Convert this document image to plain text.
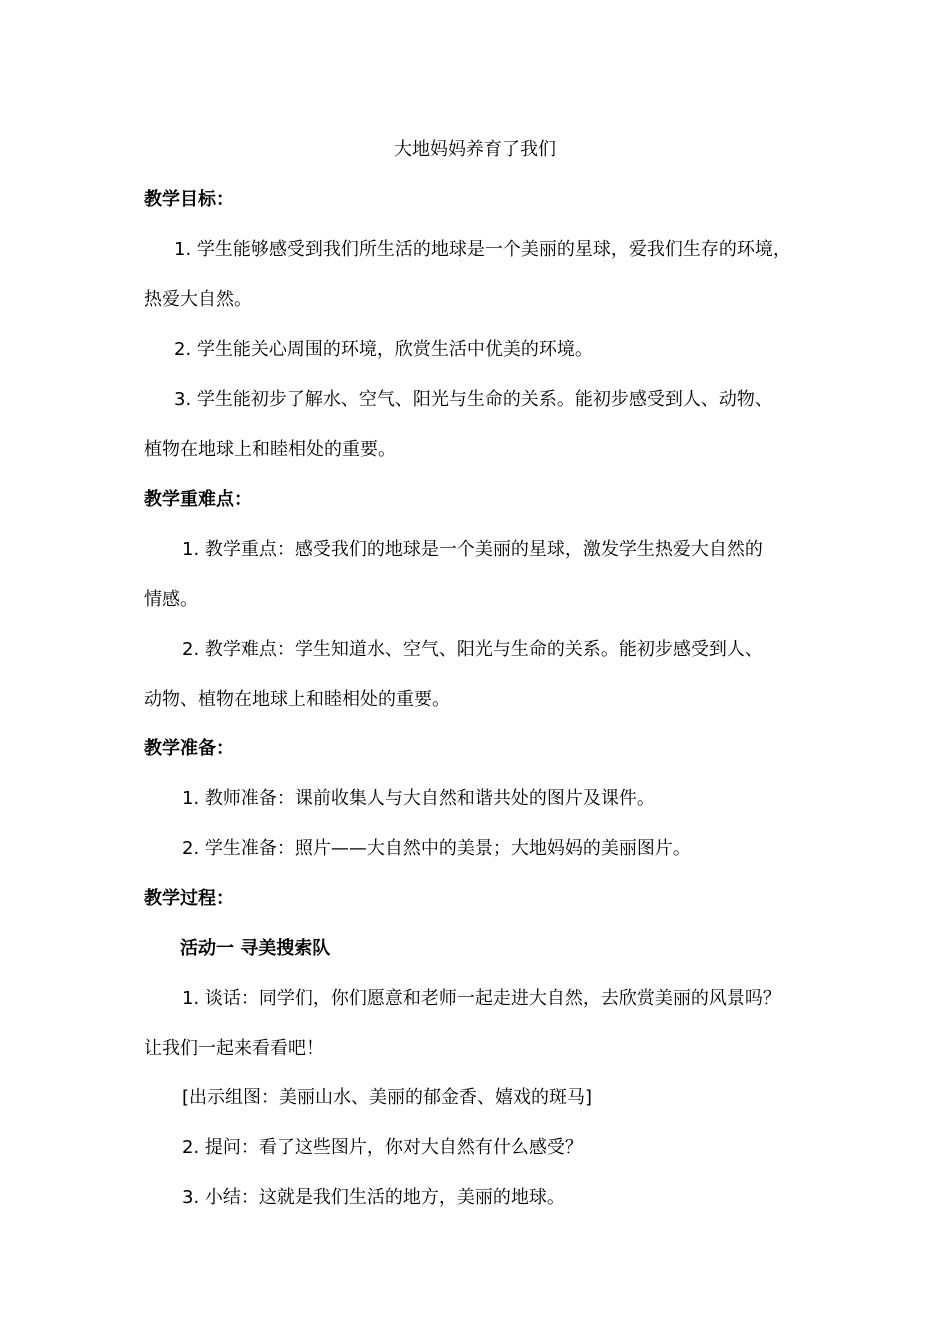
大地妈妈养育了我们
教学目标：
1. 学生能够感受到我们所生活的地球是一个美丽的星球，爱我们生存的环境，
热爱大自然。
2. 学生能关心周围的环境，欣赏生活中优美的环境。
3. 学生能初步了解水、空气、阳光与生命的关系。能初步感受到人、动物、
植物在地球上和睦相处的重要。
教学重难点：
1. 教学重点：感受我们的地球是一个美丽的星球，激发学生热爱大自然的
情感。
2. 教学难点：学生知道水、空气、阳光与生命的关系。能初步感受到人、
动物、植物在地球上和睦相处的重要。
教学准备：
1. 教师准备：课前收集人与大自然和谐共处的图片及课件。
2. 学生准备：照片——大自然中的美景；大地妈妈的美丽图片。
教学过程：
活动一 寻美搜索队
1. 谈话：同学们，你们愿意和老师一起走进大自然，去欣赏美丽的风景吗？
让我们一起来看看吧！
[出示组图：美丽山水、美丽的郁金香、嬉戏的斑马]
2. 提问：看了这些图片，你对大自然有什么感受？
3. 小结：这就是我们生活的地方，美丽的地球。
